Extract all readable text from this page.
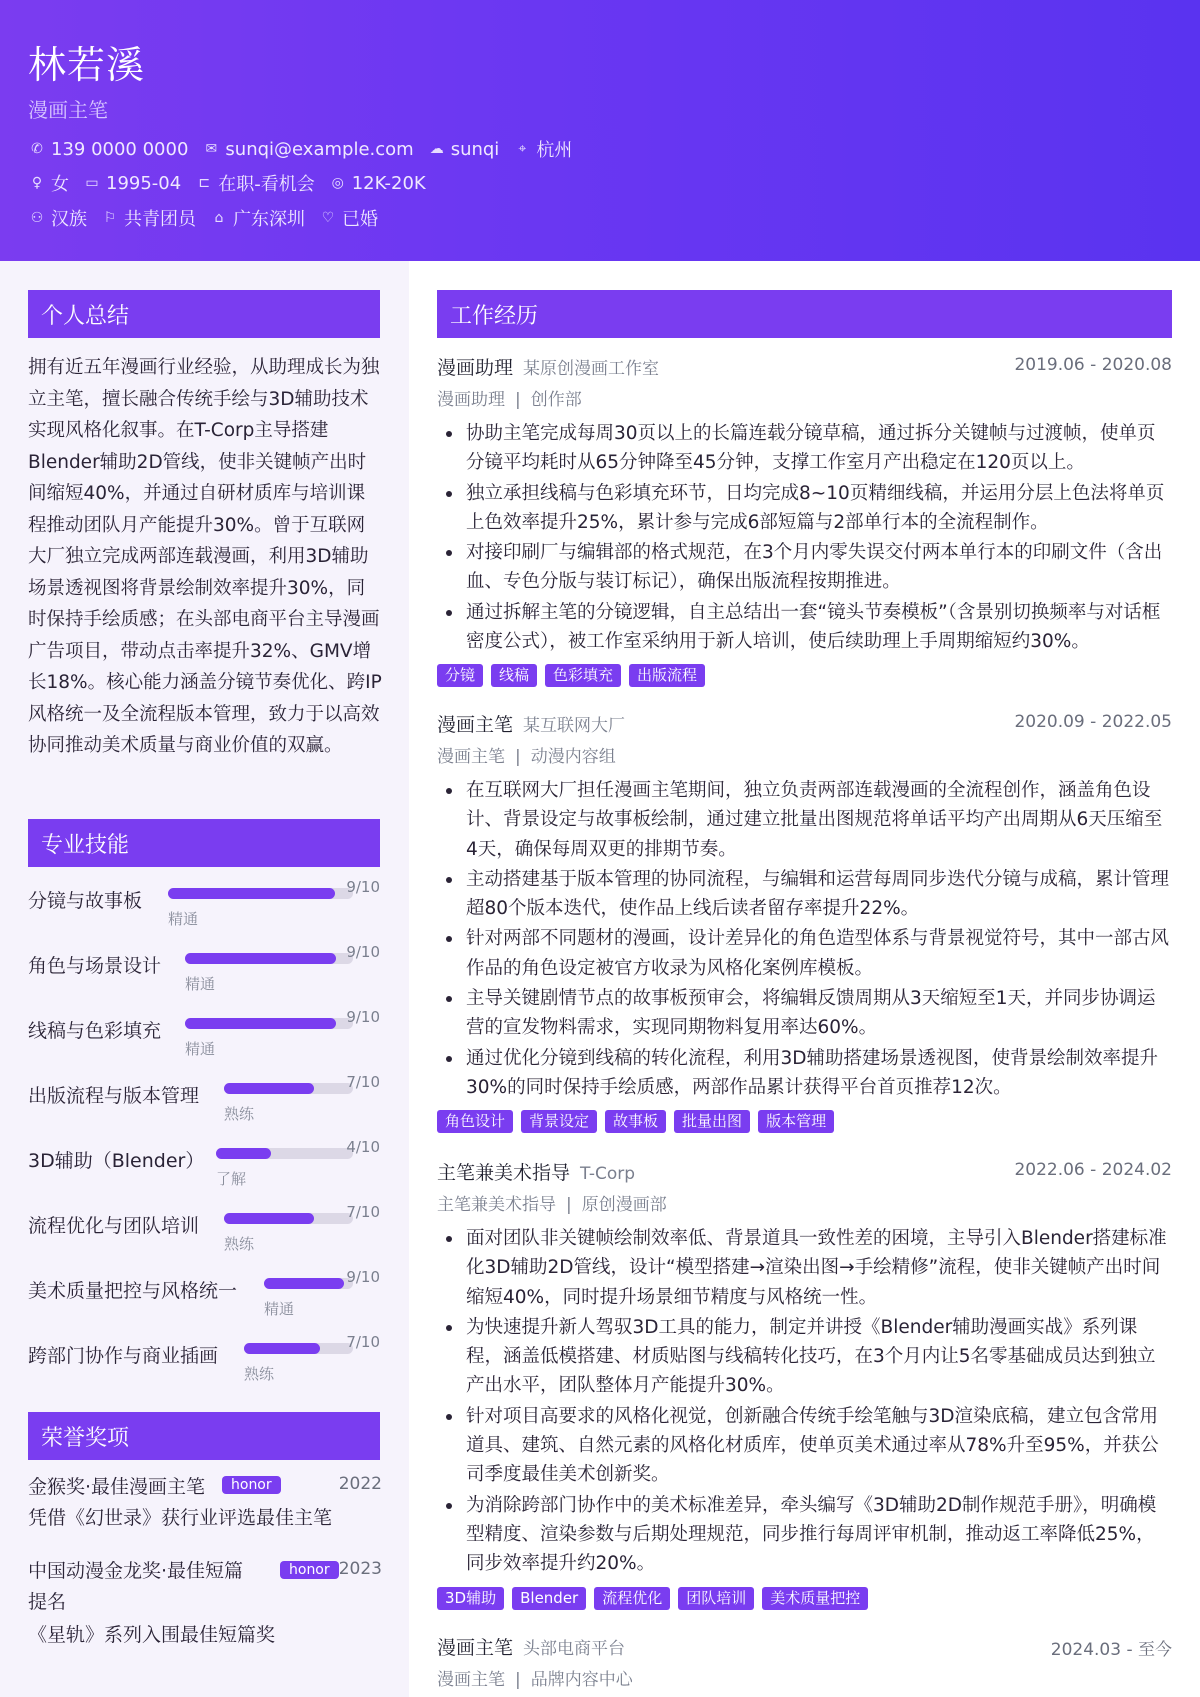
林若溪
漫画主笔
✆ 139 0000 0000 ✉ sunqi@example.com ☁ sunqi	⌖ 杭州
♀ 女 ▭ 1995-04 ⊏ 在职-看机会 ◎ 12K-20K
⚇ 汉族 ⚐ 共青团员	⌂ 广东深圳 ♡ 已婚
个人总结
拥有近五年漫画行业经验，从助理成长为独立主笔，擅长融合传统手绘与3D辅助技术实现风格化叙事。在T-Corp主导搭建Blender辅助2D管线，使非关键帧产出时间缩短40%，并通过自研材质库与培训课程推动团队月产能提升30%。曾于互联网大厂独立完成两部连载漫画，利用3D辅助场景透视图将背景绘制效率提升30%，同时保持手绘质感；在头部电商平台主导漫画广告项目，带动点击率提升32%、GMV增长18%。核心能力涵盖分镜节奏优化、跨IP风格统一及全流程版本管理，致力于以高效协同推动美术质量与商业价值的双赢。
专业技能
分镜与故事板
9/10
精通
角色与场景设计
9/10
精通
线稿与色彩填充
9/10
精通
出版流程与版本管理
7/10
熟练
3D辅助（Blender）
4/10
了解
流程优化与团队培训
7/10
熟练
美术质量把控与风格统一
9/10
精通
跨部门协作与商业插画
7/10
熟练
荣誉奖项
金猴奖·最佳漫画主笔	honor	2022
凭借《幻世录》获行业评选最佳主笔
中国动漫金龙奖·最佳短篇提名
honor 2023
《星轨》系列入围最佳短篇奖
工作经历
漫画助理 某原创漫画工作室	2019.06 - 2020.08
漫画助理 | 创作部
协助主笔完成每周30页以上的长篇连载分镜草稿，通过拆分关键帧与过渡帧，使单页分镜平均耗时从65分钟降至45分钟，支撑工作室月产出稳定在120页以上。
独立承担线稿与色彩填充环节，日均完成8~10页精细线稿，并运用分层上色法将单页上色效率提升25%，累计参与完成6部短篇与2部单行本的全流程制作。
对接印刷厂与编辑部的格式规范，在3个月内零失误交付两本单行本的印刷文件（含出血、专色分版与装订标记），确保出版流程按期推进。
通过拆解主笔的分镜逻辑，自主总结出一套“镜头节奏模板”（含景别切换频率与对话框密度公式），被工作室采纳用于新人培训，使后续助理上手周期缩短约30%。
分镜	线稿	色彩填充	出版流程
漫画主笔 某互联网大厂	2020.09 - 2022.05
漫画主笔 | 动漫内容组
在互联网大厂担任漫画主笔期间，独立负责两部连载漫画的全流程创作，涵盖角色设计、背景设定与故事板绘制，通过建立批量出图规范将单话平均产出周期从6天压缩至4天，确保每周双更的排期节奏。
主动搭建基于版本管理的协同流程，与编辑和运营每周同步迭代分镜与成稿，累计管理超80个版本迭代，使作品上线后读者留存率提升22%。
针对两部不同题材的漫画，设计差异化的角色造型体系与背景视觉符号，其中一部古风作品的角色设定被官方收录为风格化案例库模板。
主导关键剧情节点的故事板预审会，将编辑反馈周期从3天缩短至1天，并同步协调运营的宣发物料需求，实现同期物料复用率达60%。
通过优化分镜到线稿的转化流程，利用3D辅助搭建场景透视图，使背景绘制效率提升30%的同时保持手绘质感，两部作品累计获得平台首页推荐12次。
角色设计	背景设定	故事板	批量出图	版本管理
主笔兼美术指导 T-Corp	2022.06 - 2024.02
主笔兼美术指导 | 原创漫画部
面对团队非关键帧绘制效率低、背景道具一致性差的困境，主导引入Blender搭建标准化3D辅助2D管线，设计“模型搭建→渲染出图→手绘精修”流程，使非关键帧产出时间缩短40%，同时提升场景细节精度与风格统一性。
为快速提升新人驾驭3D工具的能力，制定并讲授《Blender辅助漫画实战》系列课程，涵盖低模搭建、材质贴图与线稿转化技巧，在3个月内让5名零基础成员达到独立产出水平，团队整体月产能提升30%。
针对项目高要求的风格化视觉，创新融合传统手绘笔触与3D渲染底稿，建立包含常用道具、建筑、自然元素的风格化材质库，使单页美术通过率从78%升至95%，并获公司季度最佳美术创新奖。
为消除跨部门协作中的美术标准差异，牵头编写《3D辅助2D制作规范手册》，明确模型精度、渲染参数与后期处理规范，同步推行每周评审机制，推动返工率降低25%，同步效率提升约20%。
3D辅助	Blender	流程优化	团队培训	美术质量把控
漫画主笔 头部电商平台	2024.03 - 至今
漫画主笔 | 品牌内容中心
